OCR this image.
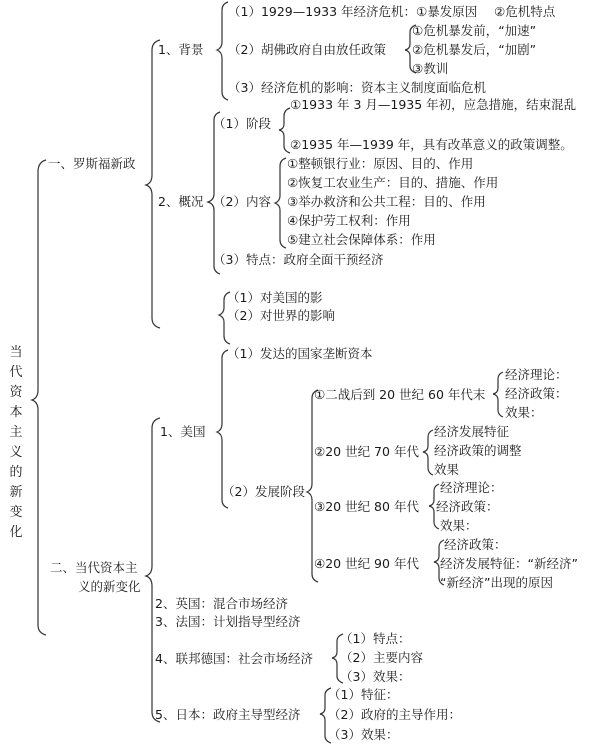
当
代
资
本
主
义
的
新
变
化
一、罗斯福新政
1、背景
（1）1929—1933 年经济危机：①暴发原因 ②危机特点
（2）胡佛政府自由放任政策
①危机暴发前，“加速”
②危机暴发后，“加剧”
③教训
（3）经济危机的影响：资本主义制度面临危机
2、概况
（1）阶段
①1933 年 3 月—1935 年初，应急措施，结束混乱
②1935 年—1939 年，具有改革意义的政策调整。
（2）内容
①整顿银行业：原因、目的、作用
②恢复工农业生产：目的、措施、作用
③举办救济和公共工程：目的、作用
④保护劳工权利：作用
⑤建立社会保障体系：作用
（3）特点：政府全面干预经济
（1）对美国的影
（2）对世界的影响
二、当代资本主
义的新变化
1、美国
（1）发达的国家垄断资本
（2）发展阶段
①二战后到 20 世纪 60 年代末
经济理论：
经济政策：
效果：
②20 世纪 70 年代
经济发展特征
经济政策的调整
效果
③20 世纪 80 年代
经济理论：
经济政策：
效果：
④20 世纪 90 年代
经济政策：
经济发展特征：“新经济”
“新经济”出现的原因
2、英国：混合市场经济
3、法国：计划指导型经济
4、联邦德国：社会市场经济
（1）特点：
（2）主要内容
（3）效果：
5、日本：政府主导型经济
（1）特征：
（2）政府的主导作用：
（3）效果：
